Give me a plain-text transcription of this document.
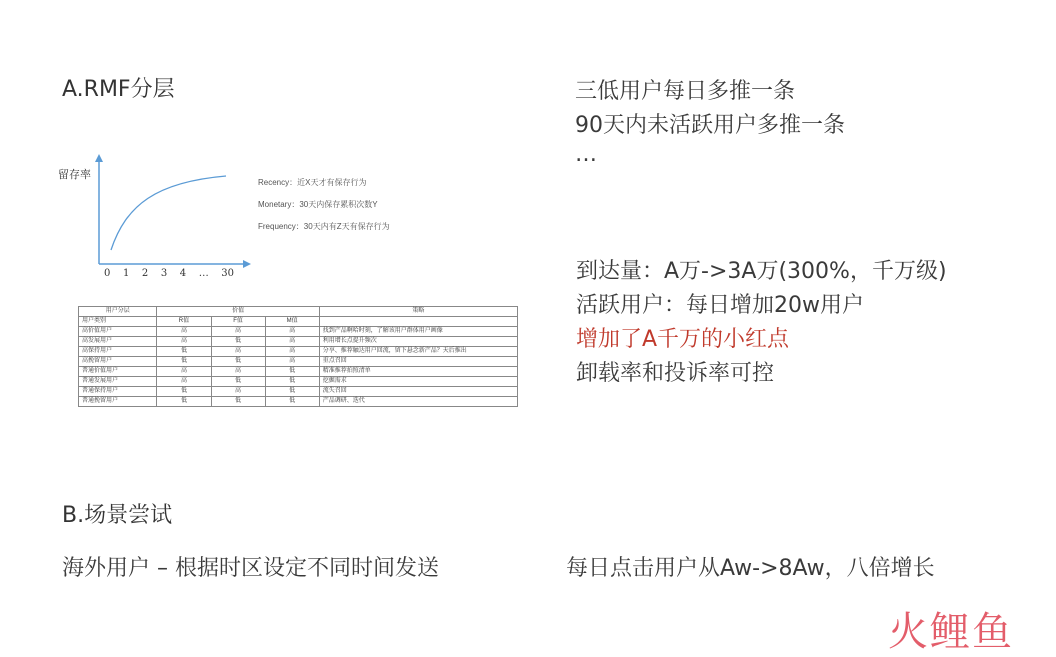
A.RMF分层
留存率
0 1 2 3 4 … 30
Recency：近X天才有保存行为
Monetary：30天内保存累积次数Y
Frequency：30天内有Z天有保存行为
用户分层	价值			策略
用户类别	R值	F值	M值	
高价值用户	高	高	高	找到产品啊哈时刻，了解该用户群体用户画像
高发展用户	高	低	高	利用增长点提升频次
高保持用户	低	高	高	分享、推荐触达用户回流，留下悬念新产品？天后推出
高挽留用户	低	低	高	重点召回
普通价值用户	高	高	低	精准推荐拍照清单
普通发展用户	高	低	低	挖掘需求
普通保持用户	低	高	低	流失召回
普通挽留用户	低	低	低	产品调研、迭代
三低用户每日多推一条
90天内未活跃用户多推一条
…
到达量：A万->3A万(300%，千万级)
活跃用户：每日增加20w用户
增加了A千万的小红点
卸载率和投诉率可控
B.场景尝试
海外用户 – 根据时区设定不同时间发送	每日点击用户从Aw->8Aw，八倍增长
火鲤鱼
